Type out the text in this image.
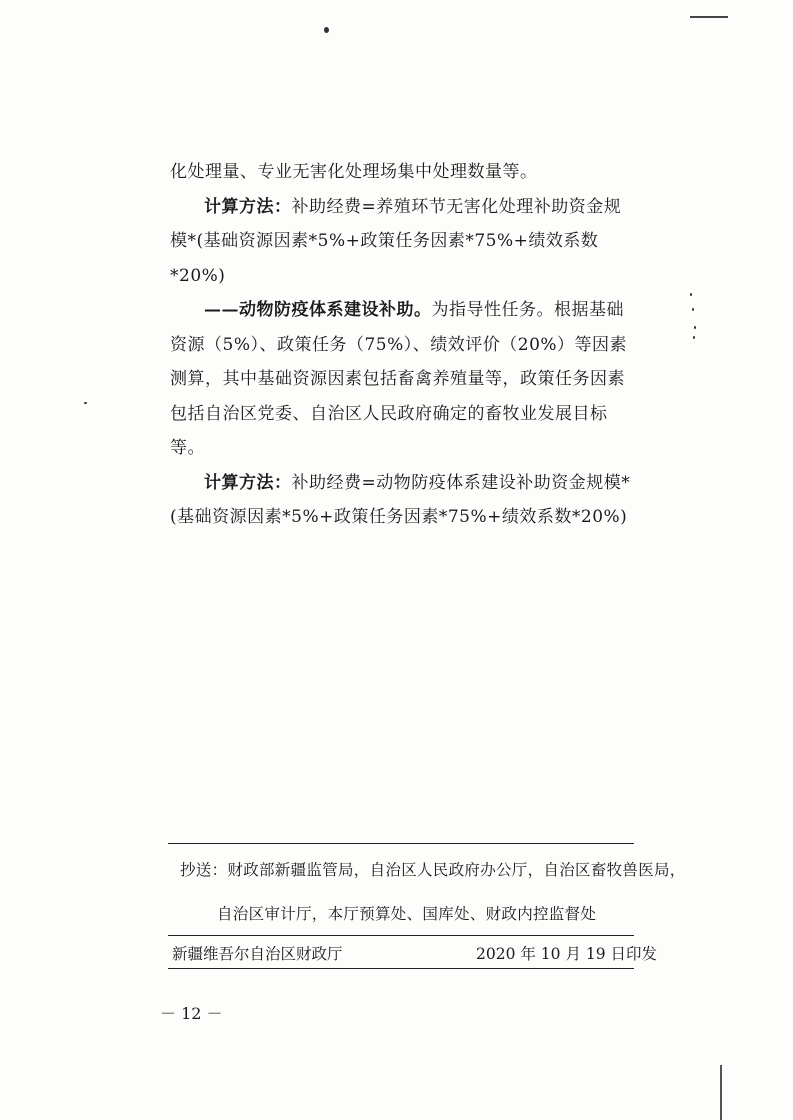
化处理量、专业无害化处理场集中处理数量等。

计算方法：补助经费=养殖环节无害化处理补助资金规模*(基础资源因素*5%+政策任务因素*75%+绩效系数*20%)

——动物防疫体系建设补助。为指导性任务。根据基础资源（5%）、政策任务（75%）、绩效评价（20%）等因素测算，其中基础资源因素包括畜禽养殖量等，政策任务因素包括自治区党委、自治区人民政府确定的畜牧业发展目标等。

计算方法：补助经费=动物防疫体系建设补助资金规模*(基础资源因素*5%+政策任务因素*75%+绩效系数*20%)

抄送：财政部新疆监管局，自治区人民政府办公厅，自治区畜牧兽医局，
自治区审计厅，本厅预算处、国库处、财政内控监督处
新疆维吾尔自治区财政厅	2020 年 10 月 19 日印发
－ 12 －
